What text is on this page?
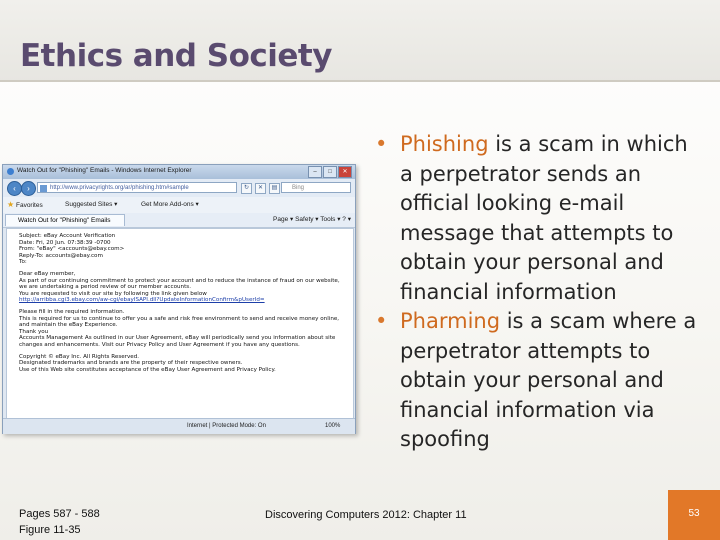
Ethics and Society
Watch Out for "Phishing" Emails - Windows Internet Explorer	–	□	✕
‹	›	http://www.privacyrights.org/ar/phishing.htm#sample	↻	✕	▤	Bing
★ Favorites	Suggested Sites ▾	Get More Add-ons ▾
Watch Out for "Phishing" Emails	Page ▾ Safety ▾ Tools ▾ ? ▾

Subject: eBay Account Verification

Date: Fri, 20 Jun. 07:38:39 -0700

From: "eBay" <accounts@ebay.com>

Reply-To: accounts@ebay.com

To:

Dear eBay member,

As part of our continuing commitment to protect your account and to reduce the instance of fraud on our website,

we are undertaking a period review of our member accounts.

You are requested to visit our site by following the link given below

http://arribba.cgi3.ebay.com/aw-cgi/ebayISAPI.dll?UpdateInformationConfirm&pUserId=

Please fill in the required information.

This is required for us to continue to offer you a safe and risk free environment to send and receive money online,

and maintain the eBay Experience.

Thank you

Accounts Management As outlined in our User Agreement, eBay will periodically send you information about site

changes and enhancements. Visit our Privacy Policy and User Agreement if you have any questions.

Copyright © eBay Inc. All Rights Reserved.

Designated trademarks and brands are the property of their respective owners.

Use of this Web site constitutes acceptance of the eBay User Agreement and Privacy Policy.

Internet | Protected Mode: On	100%
• Phishing is a scam in which a perpetrator sends an official looking e-mail message that attempts to obtain your personal and financial information
• Pharming is a scam where a perpetrator attempts to obtain your personal and financial information via spoofing
Pages 587 - 588
Figure 11-35
Discovering Computers 2012: Chapter 11	53
